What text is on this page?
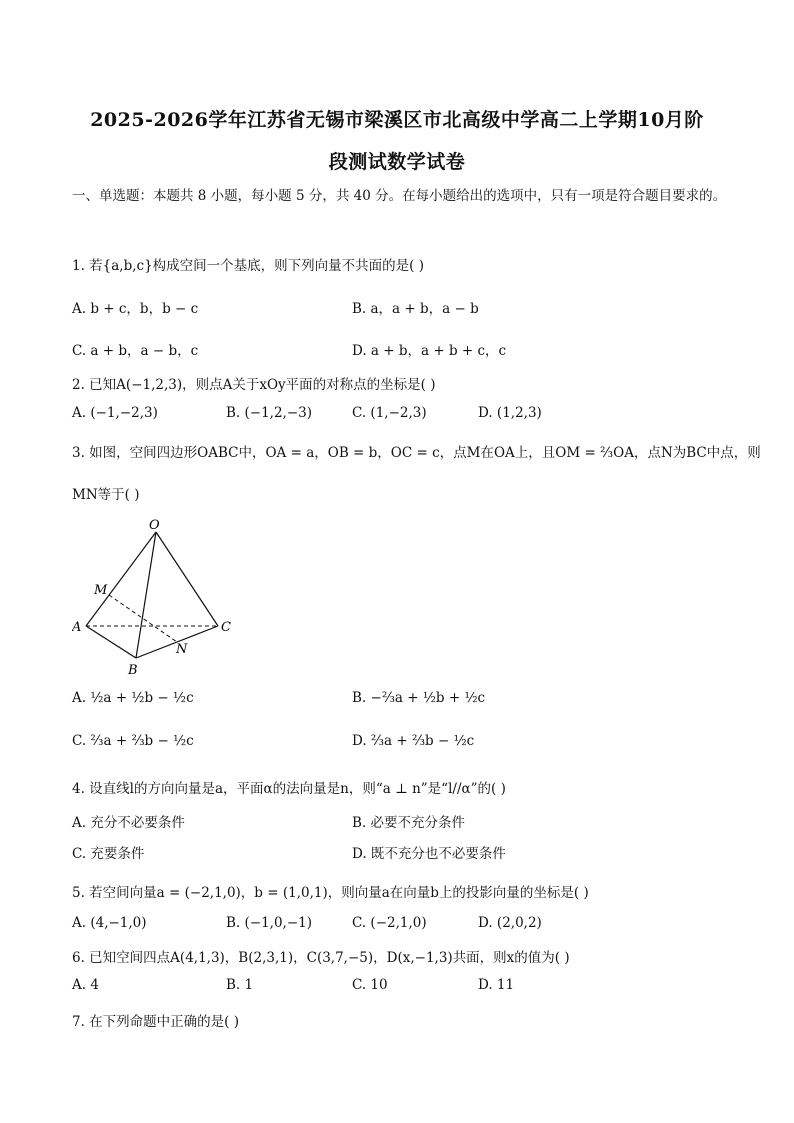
2025-2026学年江苏省无锡市梁溪区市北高级中学高二上学期10月阶
段测试数学试卷
一、单选题：本题共 8 小题，每小题 5 分，共 40 分。在每小题给出的选项中，只有一项是符合题目要求的。
1. 若{a,b,c}构成空间一个基底，则下列向量不共面的是( )
A. b + c，b，b − c	B. a，a + b，a − b
C. a + b，a − b，c	D. a + b，a + b + c，c
2. 已知A(−1,2,3)，则点A关于xOy平面的对称点的坐标是( )
A. (−1,−2,3)	B. (−1,2,−3)	C. (1,−2,3)	D. (1,2,3)
3. 如图，空间四边形OABC中，OA = a，OB = b，OC = c，点M在OA上，且OM = ⅔OA，点N为BC中点，则
MN等于( )
O
M
A	C
N
B
A. ½a + ½b − ½c	B. −⅔a + ½b + ½c
C. ⅔a + ⅔b − ½c	D. ⅔a + ⅔b − ½c
4. 设直线l的方向向量是a，平面α的法向量是n，则“a ⊥ n”是“l//α”的( )
A. 充分不必要条件	B. 必要不充分条件
C. 充要条件	D. 既不充分也不必要条件
5. 若空间向量a = (−2,1,0)，b = (1,0,1)，则向量a在向量b上的投影向量的坐标是( )
A. (4,−1,0)	B. (−1,0,−1)	C. (−2,1,0)	D. (2,0,2)
6. 已知空间四点A(4,1,3)，B(2,3,1)，C(3,7,−5)，D(x,−1,3)共面，则x的值为( )
A. 4	B. 1	C. 10	D. 11
7. 在下列命题中正确的是( )
